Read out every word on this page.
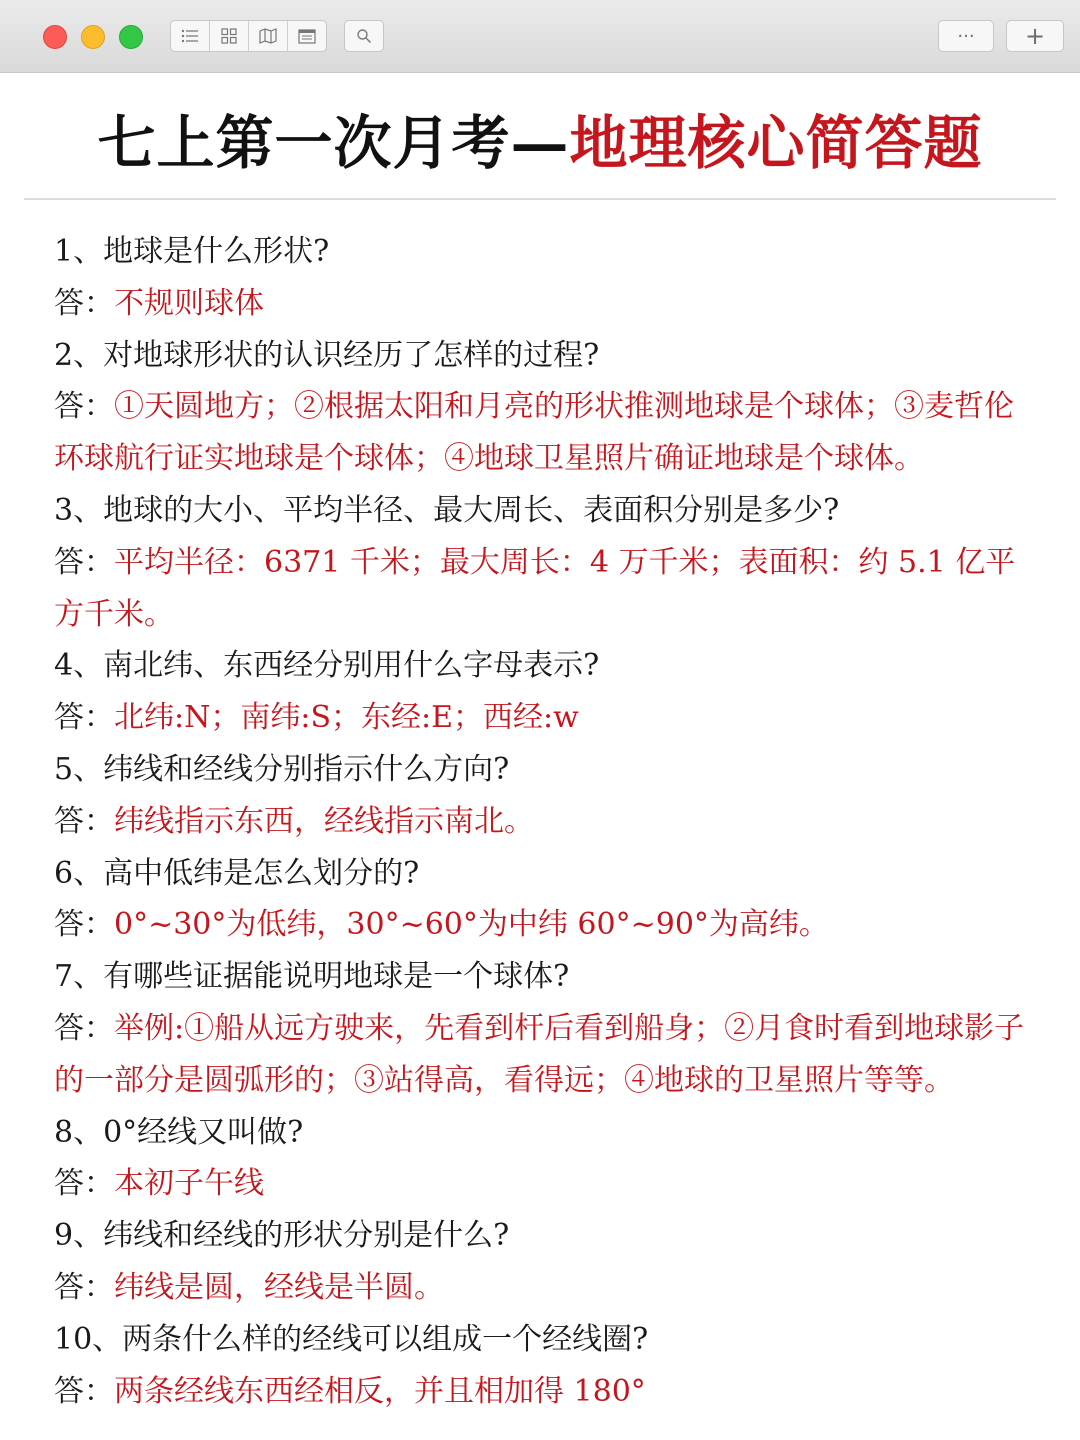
··· +
七上第一次月考—地理核心简答题
1、地球是什么形状?
答：不规则球体
2、对地球形状的认识经历了怎样的过程?
答：①天圆地方；②根据太阳和月亮的形状推测地球是个球体；③麦哲伦环球航行证实地球是个球体；④地球卫星照片确证地球是个球体。
3、地球的大小、平均半径、最大周长、表面积分别是多少?
答：平均半径：6371 千米；最大周长：4 万千米；表面积：约 5.1 亿平方千米。
4、南北纬、东西经分别用什么字母表示?
答：北纬:N；南纬:S；东经:E；西经:w
5、纬线和经线分别指示什么方向?
答：纬线指示东西，经线指示南北。
6、高中低纬是怎么划分的?
答：0°~30°为低纬，30°~60°为中纬 60°~90°为高纬。
7、有哪些证据能说明地球是一个球体?
答：举例:①船从远方驶来，先看到杆后看到船身；②月食时看到地球影子的一部分是圆弧形的；③站得高，看得远；④地球的卫星照片等等。
8、0°经线又叫做?
答：本初子午线
9、纬线和经线的形状分别是什么?
答：纬线是圆，经线是半圆。
10、两条什么样的经线可以组成一个经线圈?
答：两条经线东西经相反，并且相加得 180°
